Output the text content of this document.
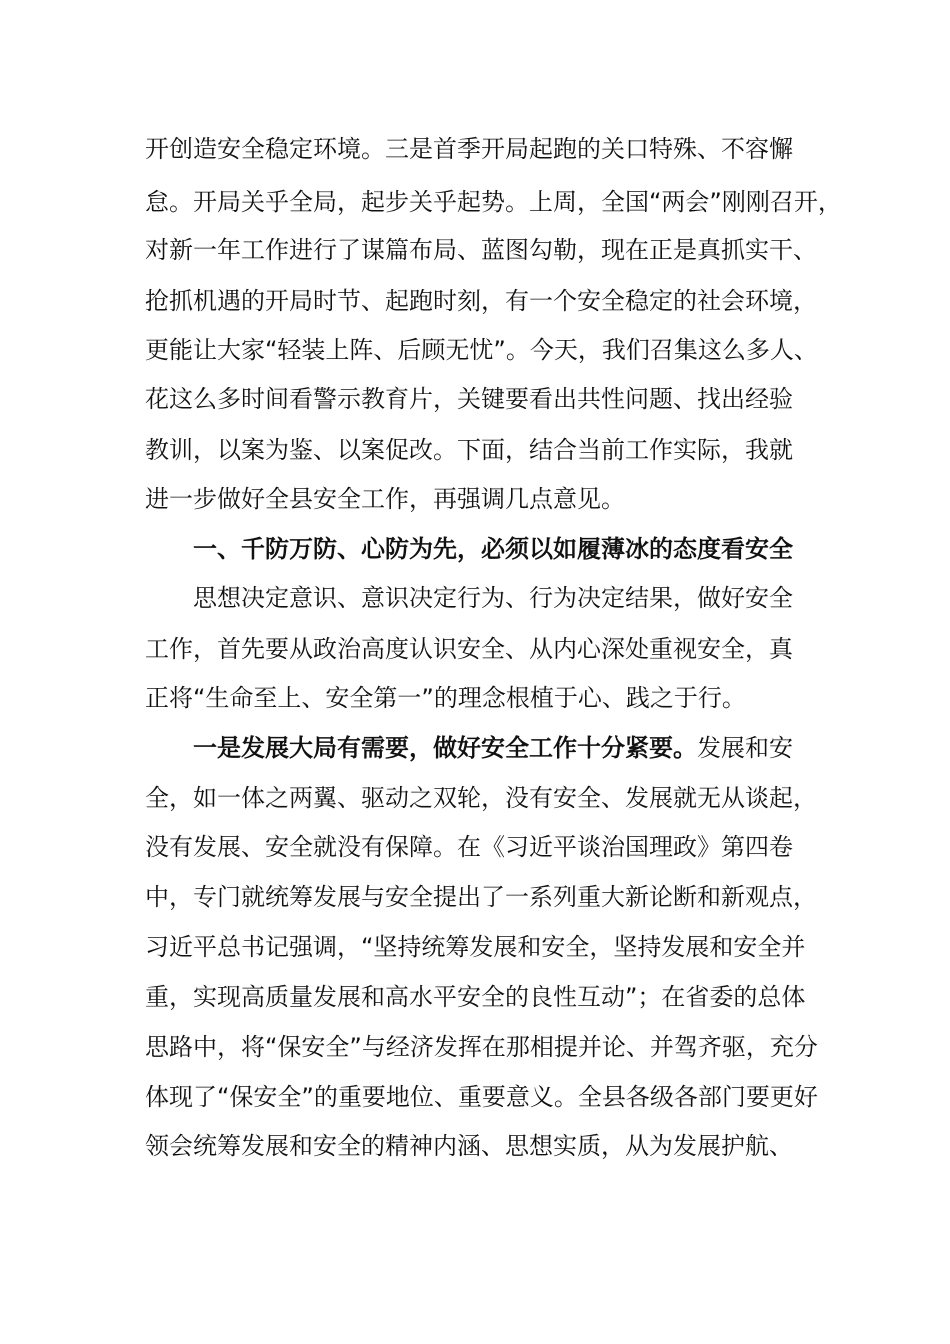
开创造安全稳定环境。三是首季开局起跑的关口特殊、不容懈
怠。开局关乎全局，起步关乎起势。上周，全国“两会”刚刚召开，
对新一年工作进行了谋篇布局、蓝图勾勒，现在正是真抓实干、
抢抓机遇的开局时节、起跑时刻，有一个安全稳定的社会环境，
更能让大家“轻装上阵、后顾无忧”。今天，我们召集这么多人、
花这么多时间看警示教育片，关键要看出共性问题、找出经验
教训，以案为鉴、以案促改。下面，结合当前工作实际，我就
进一步做好全县安全工作，再强调几点意见。
一、千防万防、心防为先，必须以如履薄冰的态度看安全
思想决定意识、意识决定行为、行为决定结果，做好安全
工作，首先要从政治高度认识安全、从内心深处重视安全，真
正将“生命至上、安全第一”的理念根植于心、践之于行。
一是发展大局有需要，做好安全工作十分紧要。发展和安
全，如一体之两翼、驱动之双轮，没有安全、发展就无从谈起，
没有发展、安全就没有保障。在《习近平谈治国理政》第四卷
中，专门就统筹发展与安全提出了一系列重大新论断和新观点，
习近平总书记强调，“坚持统筹发展和安全，坚持发展和安全并
重，实现高质量发展和高水平安全的良性互动”；在省委的总体
思路中，将“保安全”与经济发挥在那相提并论、并驾齐驱，充分
体现了“保安全”的重要地位、重要意义。全县各级各部门要更好
领会统筹发展和安全的精神内涵、思想实质，从为发展护航、
